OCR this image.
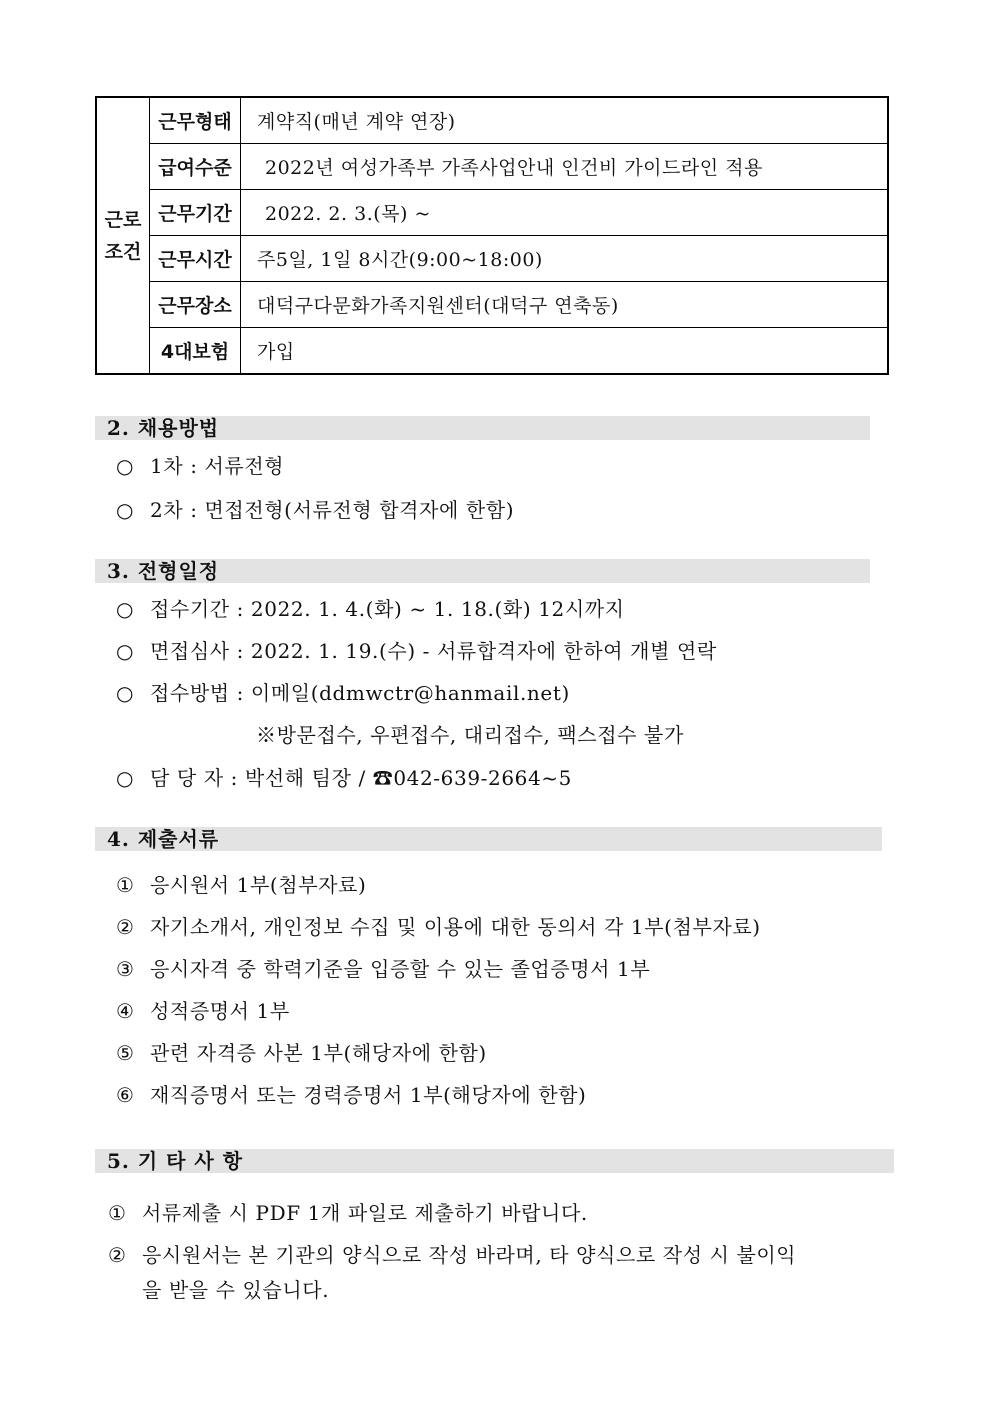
근로
조건	근무형태	계약직(매년 계약 연장)
	급여수준	2022년 여성가족부 가족사업안내 인건비 가이드라인 적용
	근무기간	2022. 2. 3.(목) ~
	근무시간	주5일, 1일 8시간(9:00~18:00)
	근무장소	대덕구다문화가족지원센터(대덕구 연축동)
	4대보험	가입
2. 채용방법
○ 1차 : 서류전형
○ 2차 : 면접전형(서류전형 합격자에 한함)
3. 전형일정
○ 접수기간 : 2022. 1. 4.(화) ~ 1. 18.(화) 12시까지
○ 면접심사 : 2022. 1. 19.(수) - 서류합격자에 한하여 개별 연락
○ 접수방법 : 이메일(ddmwctr@hanmail.net)
※방문접수, 우편접수, 대리접수, 팩스접수 불가
○ 담 당 자 : 박선해 팀장 / ☎042-639-2664~5
4. 제출서류
① 응시원서 1부(첨부자료)
② 자기소개서, 개인정보 수집 및 이용에 대한 동의서 각 1부(첨부자료)
③ 응시자격 중 학력기준을 입증할 수 있는 졸업증명서 1부
④ 성적증명서 1부
⑤ 관련 자격증 사본 1부(해당자에 한함)
⑥ 재직증명서 또는 경력증명서 1부(해당자에 한함)
5. 기 타 사 항
① 서류제출 시 PDF 1개 파일로 제출하기 바랍니다.
② 응시원서는 본 기관의 양식으로 작성 바라며, 타 양식으로 작성 시 불이익
을 받을 수 있습니다.
